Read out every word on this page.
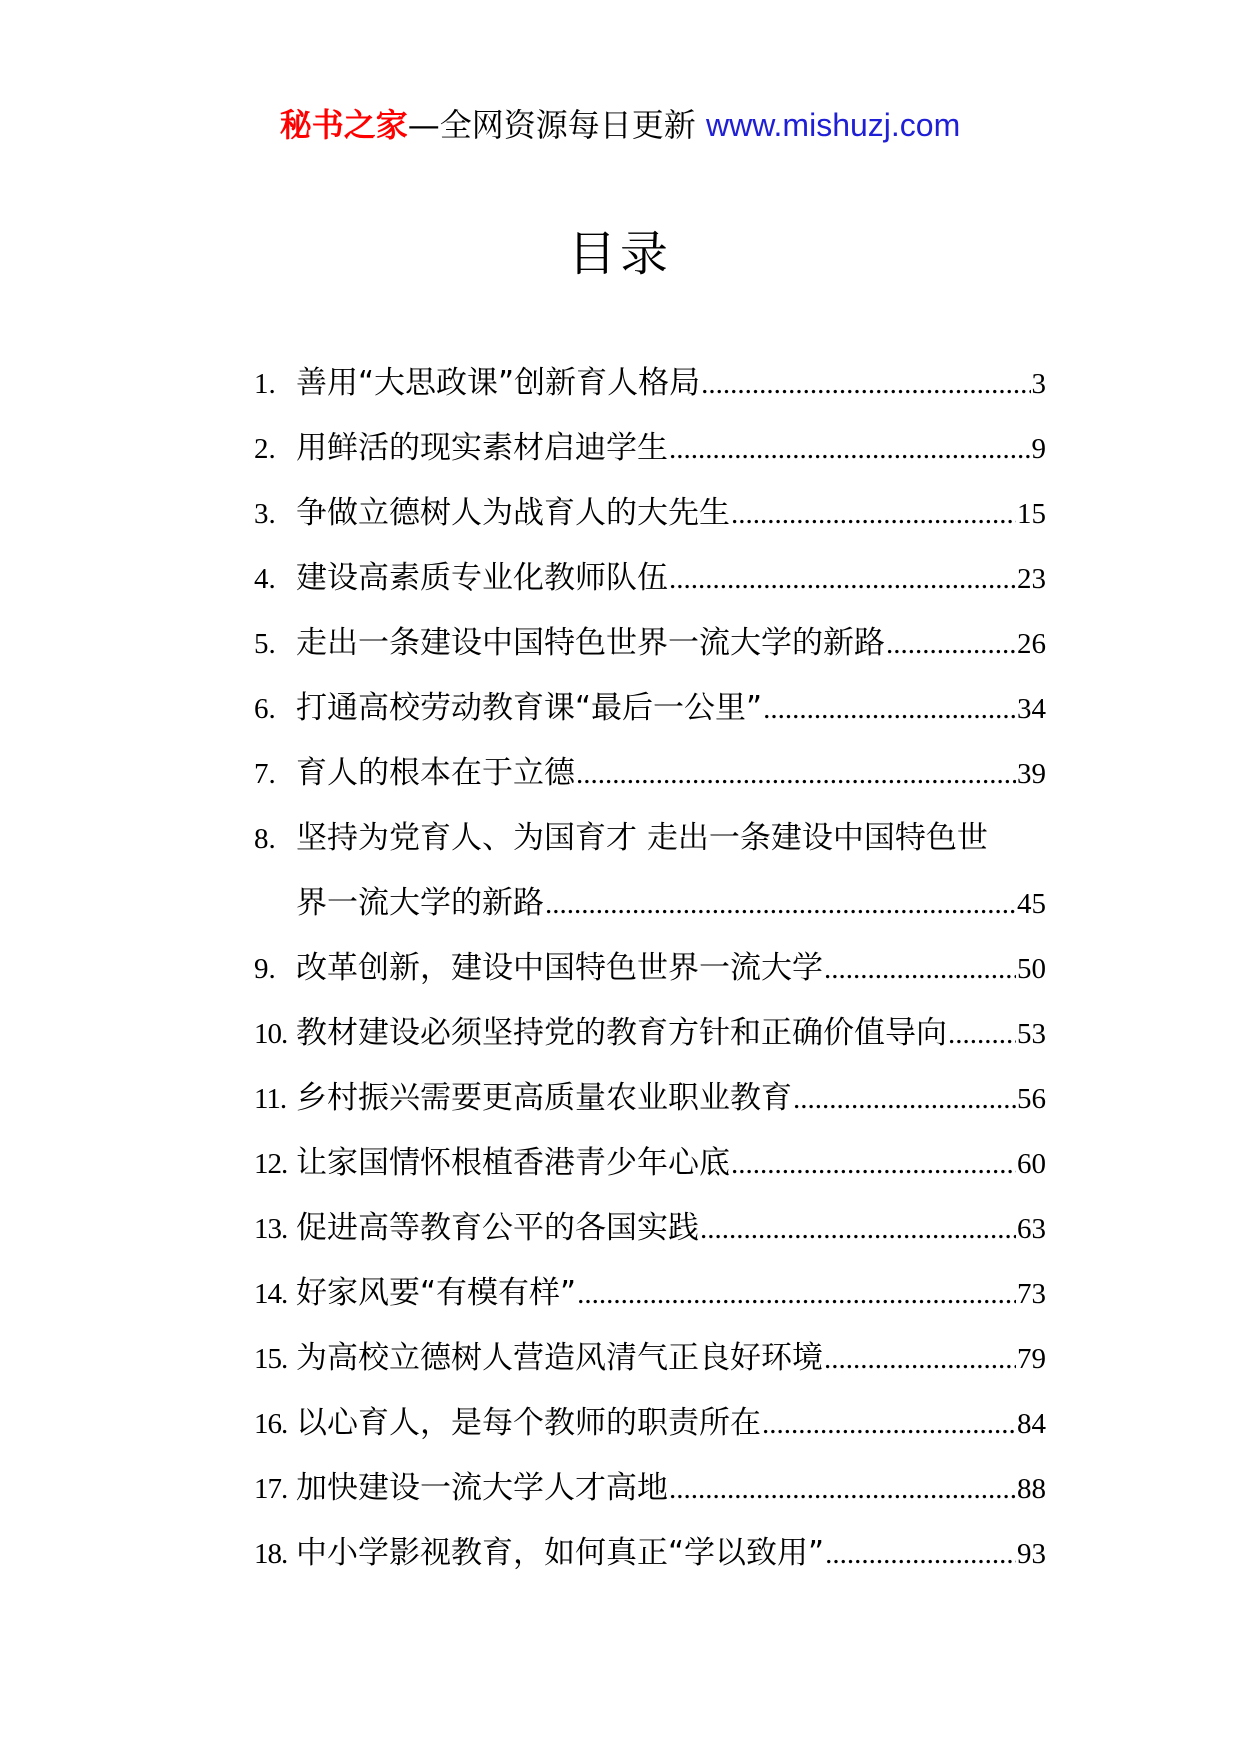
秘书之家—全网资源每日更新 www.mishuzj.com
目录
1. 善用“大思政课”创新育人格局 .....	3
2. 用鲜活的现实素材启迪学生 .....	9
3. 争做立德树人为战育人的大先生 .....	15
4. 建设高素质专业化教师队伍 .....	23
5. 走出一条建设中国特色世界一流大学的新路 .....	26
6. 打通高校劳动教育课“最后一公里” .....	34
7. 育人的根本在于立德 .....	39
8. 坚持为党育人、为国育才 走出一条建设中国特色世
界一流大学的新路 .....	45
9. 改革创新，建设中国特色世界一流大学 .....	50
10. 教材建设必须坚持党的教育方针和正确价值导向 ..... 53
11. 乡村振兴需要更高质量农业职业教育 .....	56
12. 让家国情怀根植香港青少年心底 .....	60
13. 促进高等教育公平的各国实践 .....	63
14. 好家风要“有模有样” .....	73
15. 为高校立德树人营造风清气正良好环境 .....	79
16. 以心育人，是每个教师的职责所在 .....	84
17. 加快建设一流大学人才高地 .....	88
18. 中小学影视教育，如何真正“学以致用” .....	93
